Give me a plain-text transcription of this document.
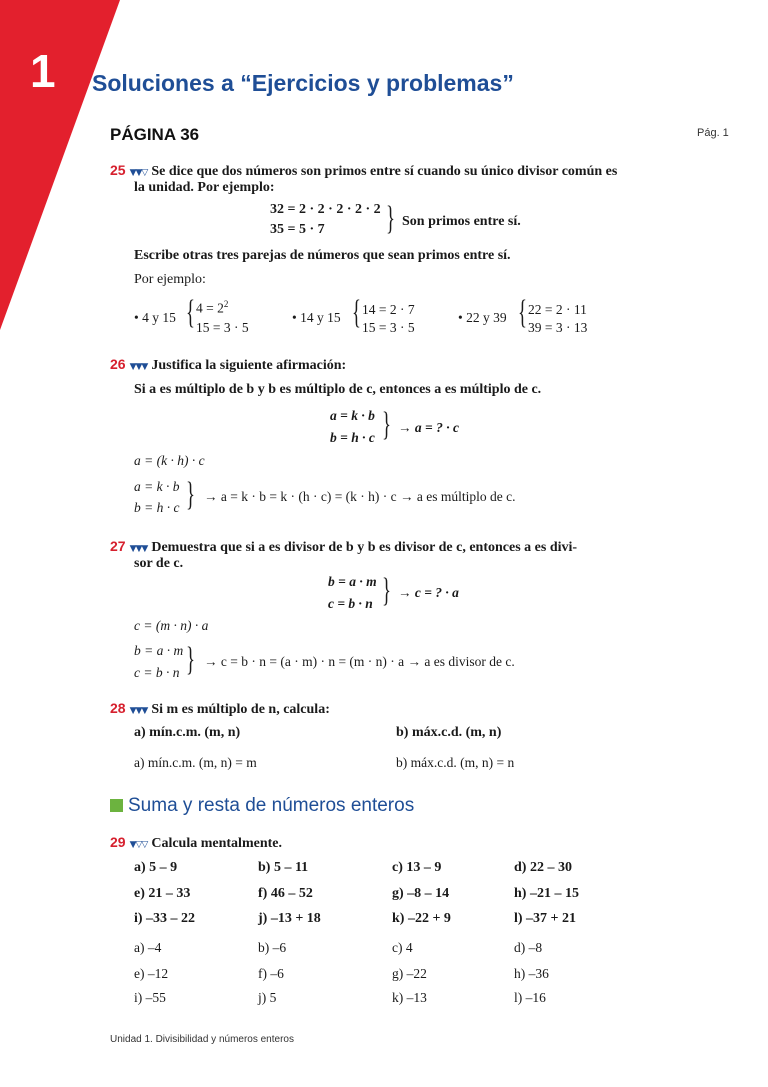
1 Soluciones a “Ejercicios y problemas”
PÁGINA 36	Pág. 1
25 ▼▼▽ Se dice que dos números son primos entre sí cuando su único divisor común es
la unidad. Por ejemplo:
32 = 2 · 2 · 2 · 2 · 2
35 = 5 · 7 } Son primos entre sí.
Escribe otras tres parejas de números que sean primos entre sí.
Por ejemplo:
• 4 y 15 { $4 = 2^2$
15 = 3 · 5
• 14 y 15 { 14 = 2 · 7
15 = 3 · 5
• 22 y 39 { 22 = 2 · 11
39 = 3 · 13
26 ▼▼▼ Justifica la siguiente afirmación:
Si a es múltiplo de b y b es múltiplo de c, entonces a es múltiplo de c.
a = k · b
b = h · c } → a = ? · c
a = (k · h) · c
a = k · b
b = h · c } → a = k · b = k · (h · c) = (k · h) · c → a es múltiplo de c.
27 ▼▼▼ Demuestra que si a es divisor de b y b es divisor de c, entonces a es divi-
sor de c.
b = a · m
c = b · n } → c = ? · a
c = (m · n) · a
b = a · m
c = b · n } → c = b · n = (a · m) · n = (m · n) · a → a es divisor de c.
28 ▼▼▼ Si m es múltiplo de n, calcula:
a) mín.c.m. (m, n)	b) máx.c.d. (m, n)
a) mín.c.m. (m, n) = m	b) máx.c.d. (m, n) = n
Suma y resta de números enteros
29 ▼▽▽ Calcula mentalmente.
a) 5 – 9	b) 5 – 11	c) 13 – 9	d) 22 – 30
e) 21 – 33	f) 46 – 52	g) –8 – 14	h) –21 – 15
i) –33 – 22	j) –13 + 18	k) –22 + 9	l) –37 + 21
a) –4	b) –6	c) 4	d) –8
e) –12	f) –6	g) –22	h) –36
i) –55	j) 5	k) –13	l) –16
Unidad 1. Divisibilidad y números enteros
